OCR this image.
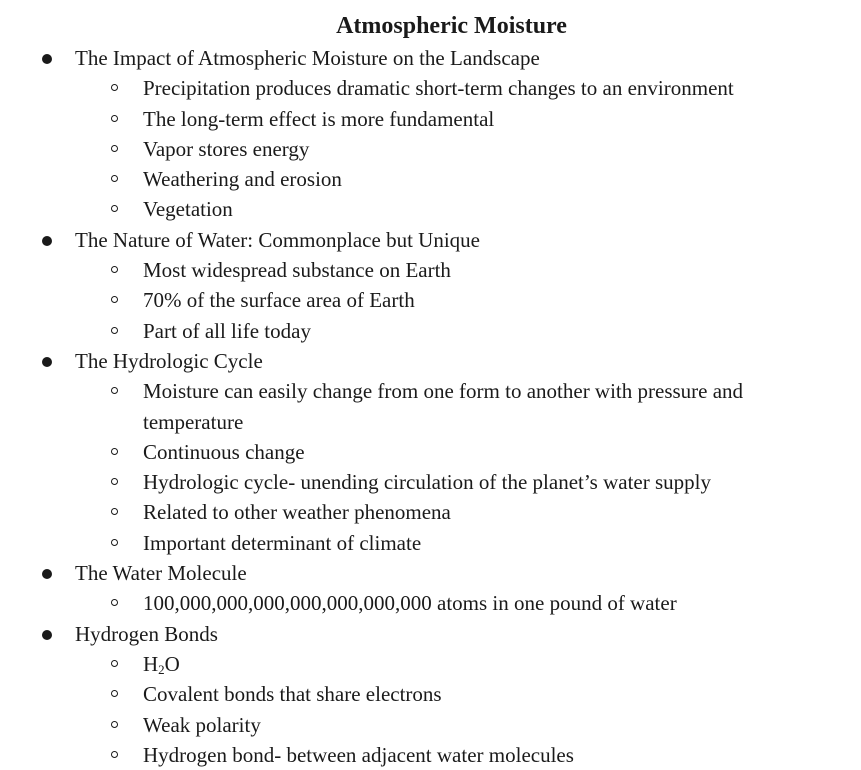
Atmospheric Moisture
The Impact of Atmospheric Moisture on the Landscape
Precipitation produces dramatic short-term changes to an environment
The long-term effect is more fundamental
Vapor stores energy
Weathering and erosion
Vegetation
The Nature of Water: Commonplace but Unique
Most widespread substance on Earth
70% of the surface area of Earth
Part of all life today
The Hydrologic Cycle
Moisture can easily change from one form to another with pressure and temperature
Continuous change
Hydrologic cycle- unending circulation of the planet’s water supply
Related to other weather phenomena
Important determinant of climate
The Water Molecule
100,000,000,000,000,000,000,000 atoms in one pound of water
Hydrogen Bonds
$H_2O$
Covalent bonds that share electrons
Weak polarity
Hydrogen bond- between adjacent water molecules
